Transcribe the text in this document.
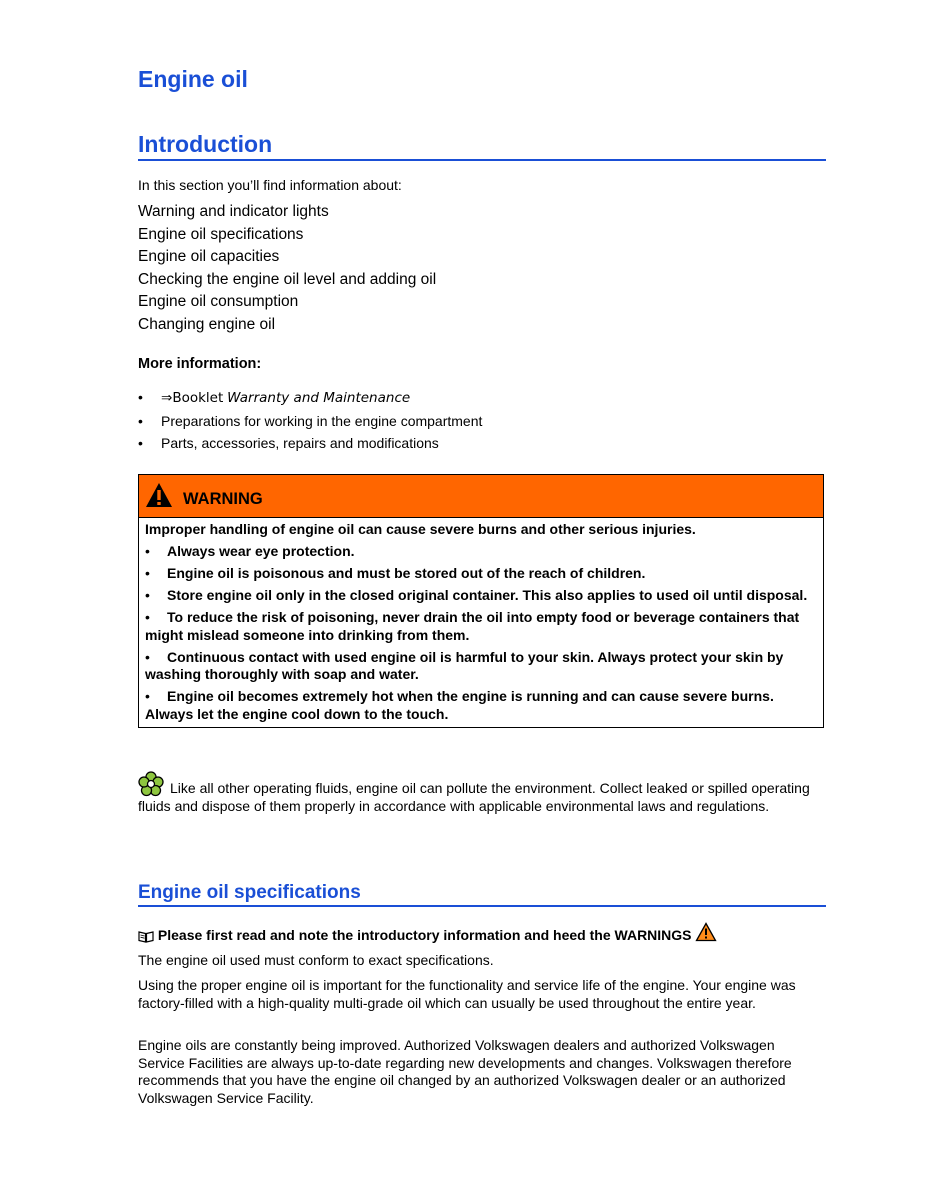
Engine oil
Introduction
In this section you’ll find information about:
Warning and indicator lights
Engine oil specifications
Engine oil capacities
Checking the engine oil level and adding oil
Engine oil consumption
Changing engine oil
More information:
• ⇒Booklet Warranty and Maintenance
• Preparations for working in the engine compartment
• Parts, accessories, repairs and modifications
WARNING

Improper handling of engine oil can cause severe burns and other serious injuries.

• Always wear eye protection.

• Engine oil is poisonous and must be stored out of the reach of children.

• Store engine oil only in the closed original container. This also applies to used oil until disposal.

• To reduce the risk of poisoning, never drain the oil into empty food or beverage containers that might mislead someone into drinking from them.

• Continuous contact with used engine oil is harmful to your skin. Always protect your skin by washing thoroughly with soap and water.

• Engine oil becomes extremely hot when the engine is running and can cause severe burns. Always let the engine cool down to the touch.

Like all other operating fluids, engine oil can pollute the environment. Collect leaked or spilled operating fluids and dispose of them properly in accordance with applicable environmental laws and regulations.
Engine oil specifications
Please first read and note the introductory information and heed the WARNINGS

The engine oil used must conform to exact specifications.

Using the proper engine oil is important for the functionality and service life of the engine. Your engine was factory-filled with a high-quality multi-grade oil which can usually be used throughout the entire year.

Engine oils are constantly being improved. Authorized Volkswagen dealers and authorized Volkswagen Service Facilities are always up-to-date regarding new developments and changes. Volkswagen therefore recommends that you have the engine oil changed by an authorized Volkswagen dealer or an authorized Volkswagen Service Facility.
